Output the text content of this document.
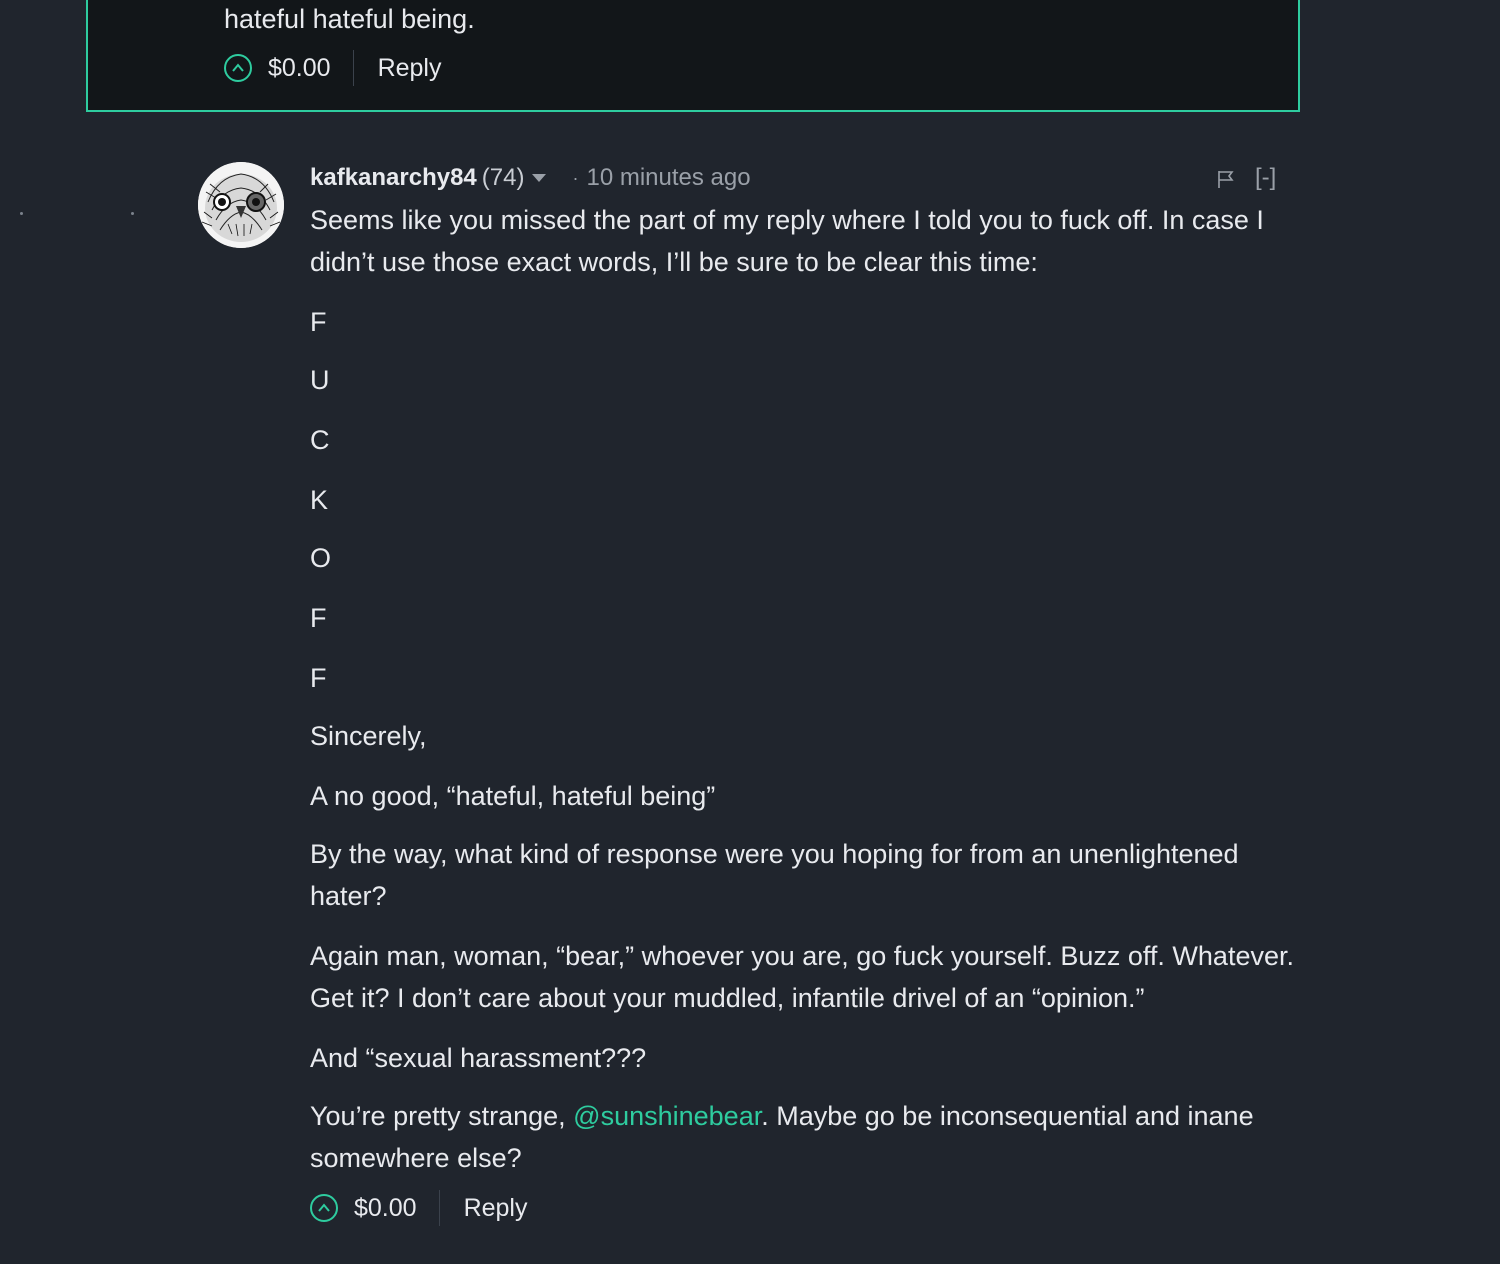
hateful hateful being.
$0.00 Reply
kafkanarchy84 (74)	· 10 minutes ago	[-]
Seems like you missed the part of my reply where I told you to fuck off. In case I didn’t use those exact words, I’ll be sure to be clear this time:
F
U
C
K
O
F
F
Sincerely,
A no good, “hateful, hateful being”
By the way, what kind of response were you hoping for from an unenlightened hater?
Again man, woman, “bear,” whoever you are, go fuck yourself. Buzz off. Whatever. Get it? I don’t care about your muddled, infantile drivel of an “opinion.”
And “sexual harassment???
You’re pretty strange, @sunshinebear. Maybe go be inconsequential and inane somewhere else?
$0.00 Reply
